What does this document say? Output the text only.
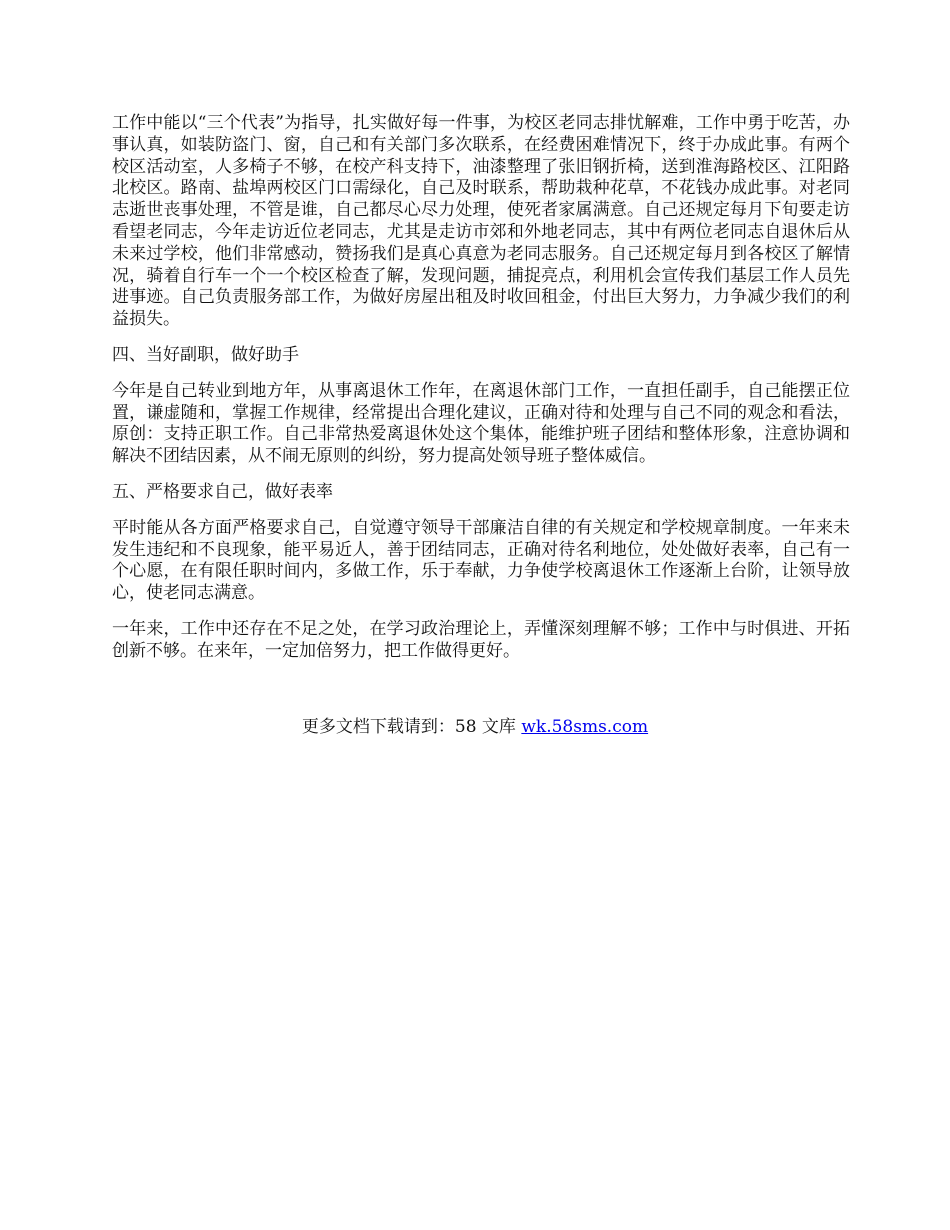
工作中能以“三个代表”为指导，扎实做好每一件事，为校区老同志排忧解难，工作中勇于吃苦，办事认真，如装防盗门、窗，自己和有关部门多次联系，在经费困难情况下，终于办成此事。有两个校区活动室，人多椅子不够，在校产科支持下，油漆整理了张旧钢折椅，送到淮海路校区、江阳路北校区。路南、盐埠两校区门口需绿化，自己及时联系，帮助栽种花草，不花钱办成此事。对老同志逝世丧事处理，不管是谁，自己都尽心尽力处理，使死者家属满意。自己还规定每月下旬要走访看望老同志，今年走访近位老同志，尤其是走访市郊和外地老同志，其中有两位老同志自退休后从未来过学校，他们非常感动，赞扬我们是真心真意为老同志服务。自己还规定每月到各校区了解情况，骑着自行车一个一个校区检查了解，发现问题，捕捉亮点，利用机会宣传我们基层工作人员先进事迹。自己负责服务部工作，为做好房屋出租及时收回租金，付出巨大努力，力争减少我们的利益损失。

四、当好副职，做好助手

今年是自己转业到地方年，从事离退休工作年，在离退休部门工作，一直担任副手，自己能摆正位置，谦虚随和，掌握工作规律，经常提出合理化建议，正确对待和处理与自己不同的观念和看法，原创：支持正职工作。自己非常热爱离退休处这个集体，能维护班子团结和整体形象，注意协调和解决不团结因素，从不闹无原则的纠纷，努力提高处领导班子整体威信。

五、严格要求自己，做好表率

平时能从各方面严格要求自己，自觉遵守领导干部廉洁自律的有关规定和学校规章制度。一年来未发生违纪和不良现象，能平易近人，善于团结同志，正确对待名利地位，处处做好表率，自己有一个心愿，在有限任职时间内，多做工作，乐于奉献，力争使学校离退休工作逐渐上台阶，让领导放心，使老同志满意。

一年来，工作中还存在不足之处，在学习政治理论上，弄懂深刻理解不够；工作中与时俱进、开拓创新不够。在来年，一定加倍努力，把工作做得更好。

更多文档下载请到：58 文库 wk.58sms.com
